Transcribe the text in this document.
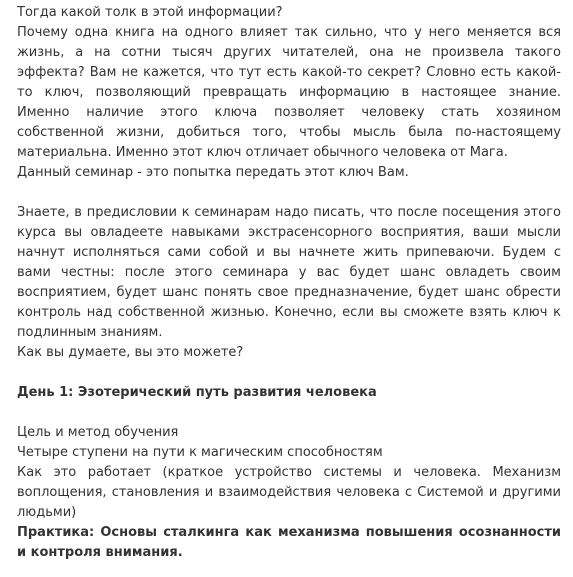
Тогда какой толк в этой информации?
Почему одна книга на одного влияет так сильно, что у него меняется вся жизнь, а на сотни тысяч других читателей, она не произвела такого эффекта? Вам не кажется, что тут есть какой-то секрет? Словно есть какой-то ключ, позволяющий превращать информацию в настоящее знание. Именно наличие этого ключа позволяет человеку стать хозяином собственной жизни, добиться того, чтобы мысль была по-настоящему материальна. Именно этот ключ отличает обычного человека от Мага.
Данный семинар - это попытка передать этот ключ Вам.
Знаете, в предисловии к семинарам надо писать, что после посещения этого курса вы овладеете навыками экстрасенсорного восприятия, ваши мысли начнут исполняться сами собой и вы начнете жить припеваючи. Будем с вами честны: после этого семинара у вас будет шанс овладеть своим восприятием, будет шанс понять свое предназначение, будет шанс обрести контроль над собственной жизнью. Конечно, если вы сможете взять ключ к подлинным знаниям.
Как вы думаете, вы это можете?
День 1: Эзотерический путь развития человека
Цель и метод обучения
Четыре ступени на пути к магическим способностям
Как это работает (краткое устройство системы и человека. Механизм воплощения, становления и взаимодействия человека с Системой и другими людьми)
Практика: Основы сталкинга как механизма повышения осознанности и контроля внимания.
